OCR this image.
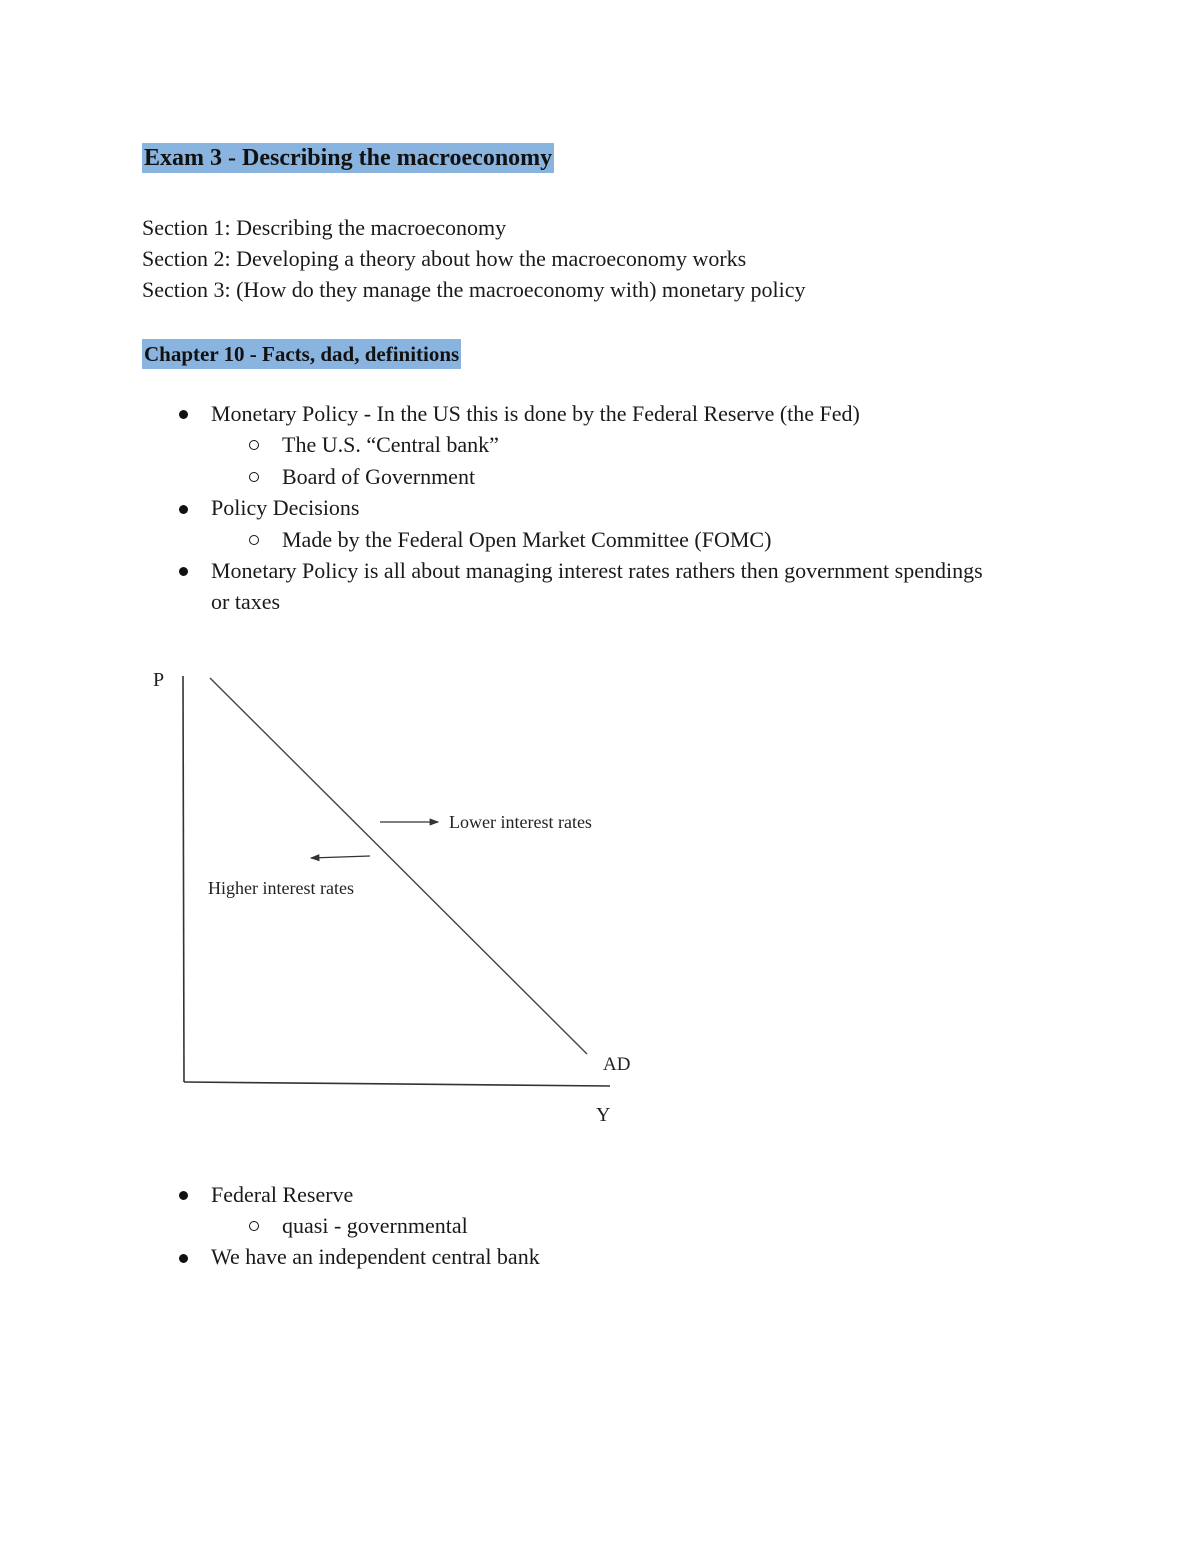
Exam 3 - Describing the macroeconomy
Section 1: Describing the macroeconomy
Section 2: Developing a theory about how the macroeconomy works
Section 3: (How do they manage the macroeconomy with) monetary policy
Chapter 10 - Facts, dad, definitions
Monetary Policy - In the US this is done by the Federal Reserve (the Fed)
The U.S. “Central bank”
Board of Government
Policy Decisions
Made by the Federal Open Market Committee (FOMC)
Monetary Policy is all about managing interest rates rathers then government spendings
or taxes
P
Y
AD
Lower interest rates
Higher interest rates
Federal Reserve
quasi - governmental
We have an independent central bank
